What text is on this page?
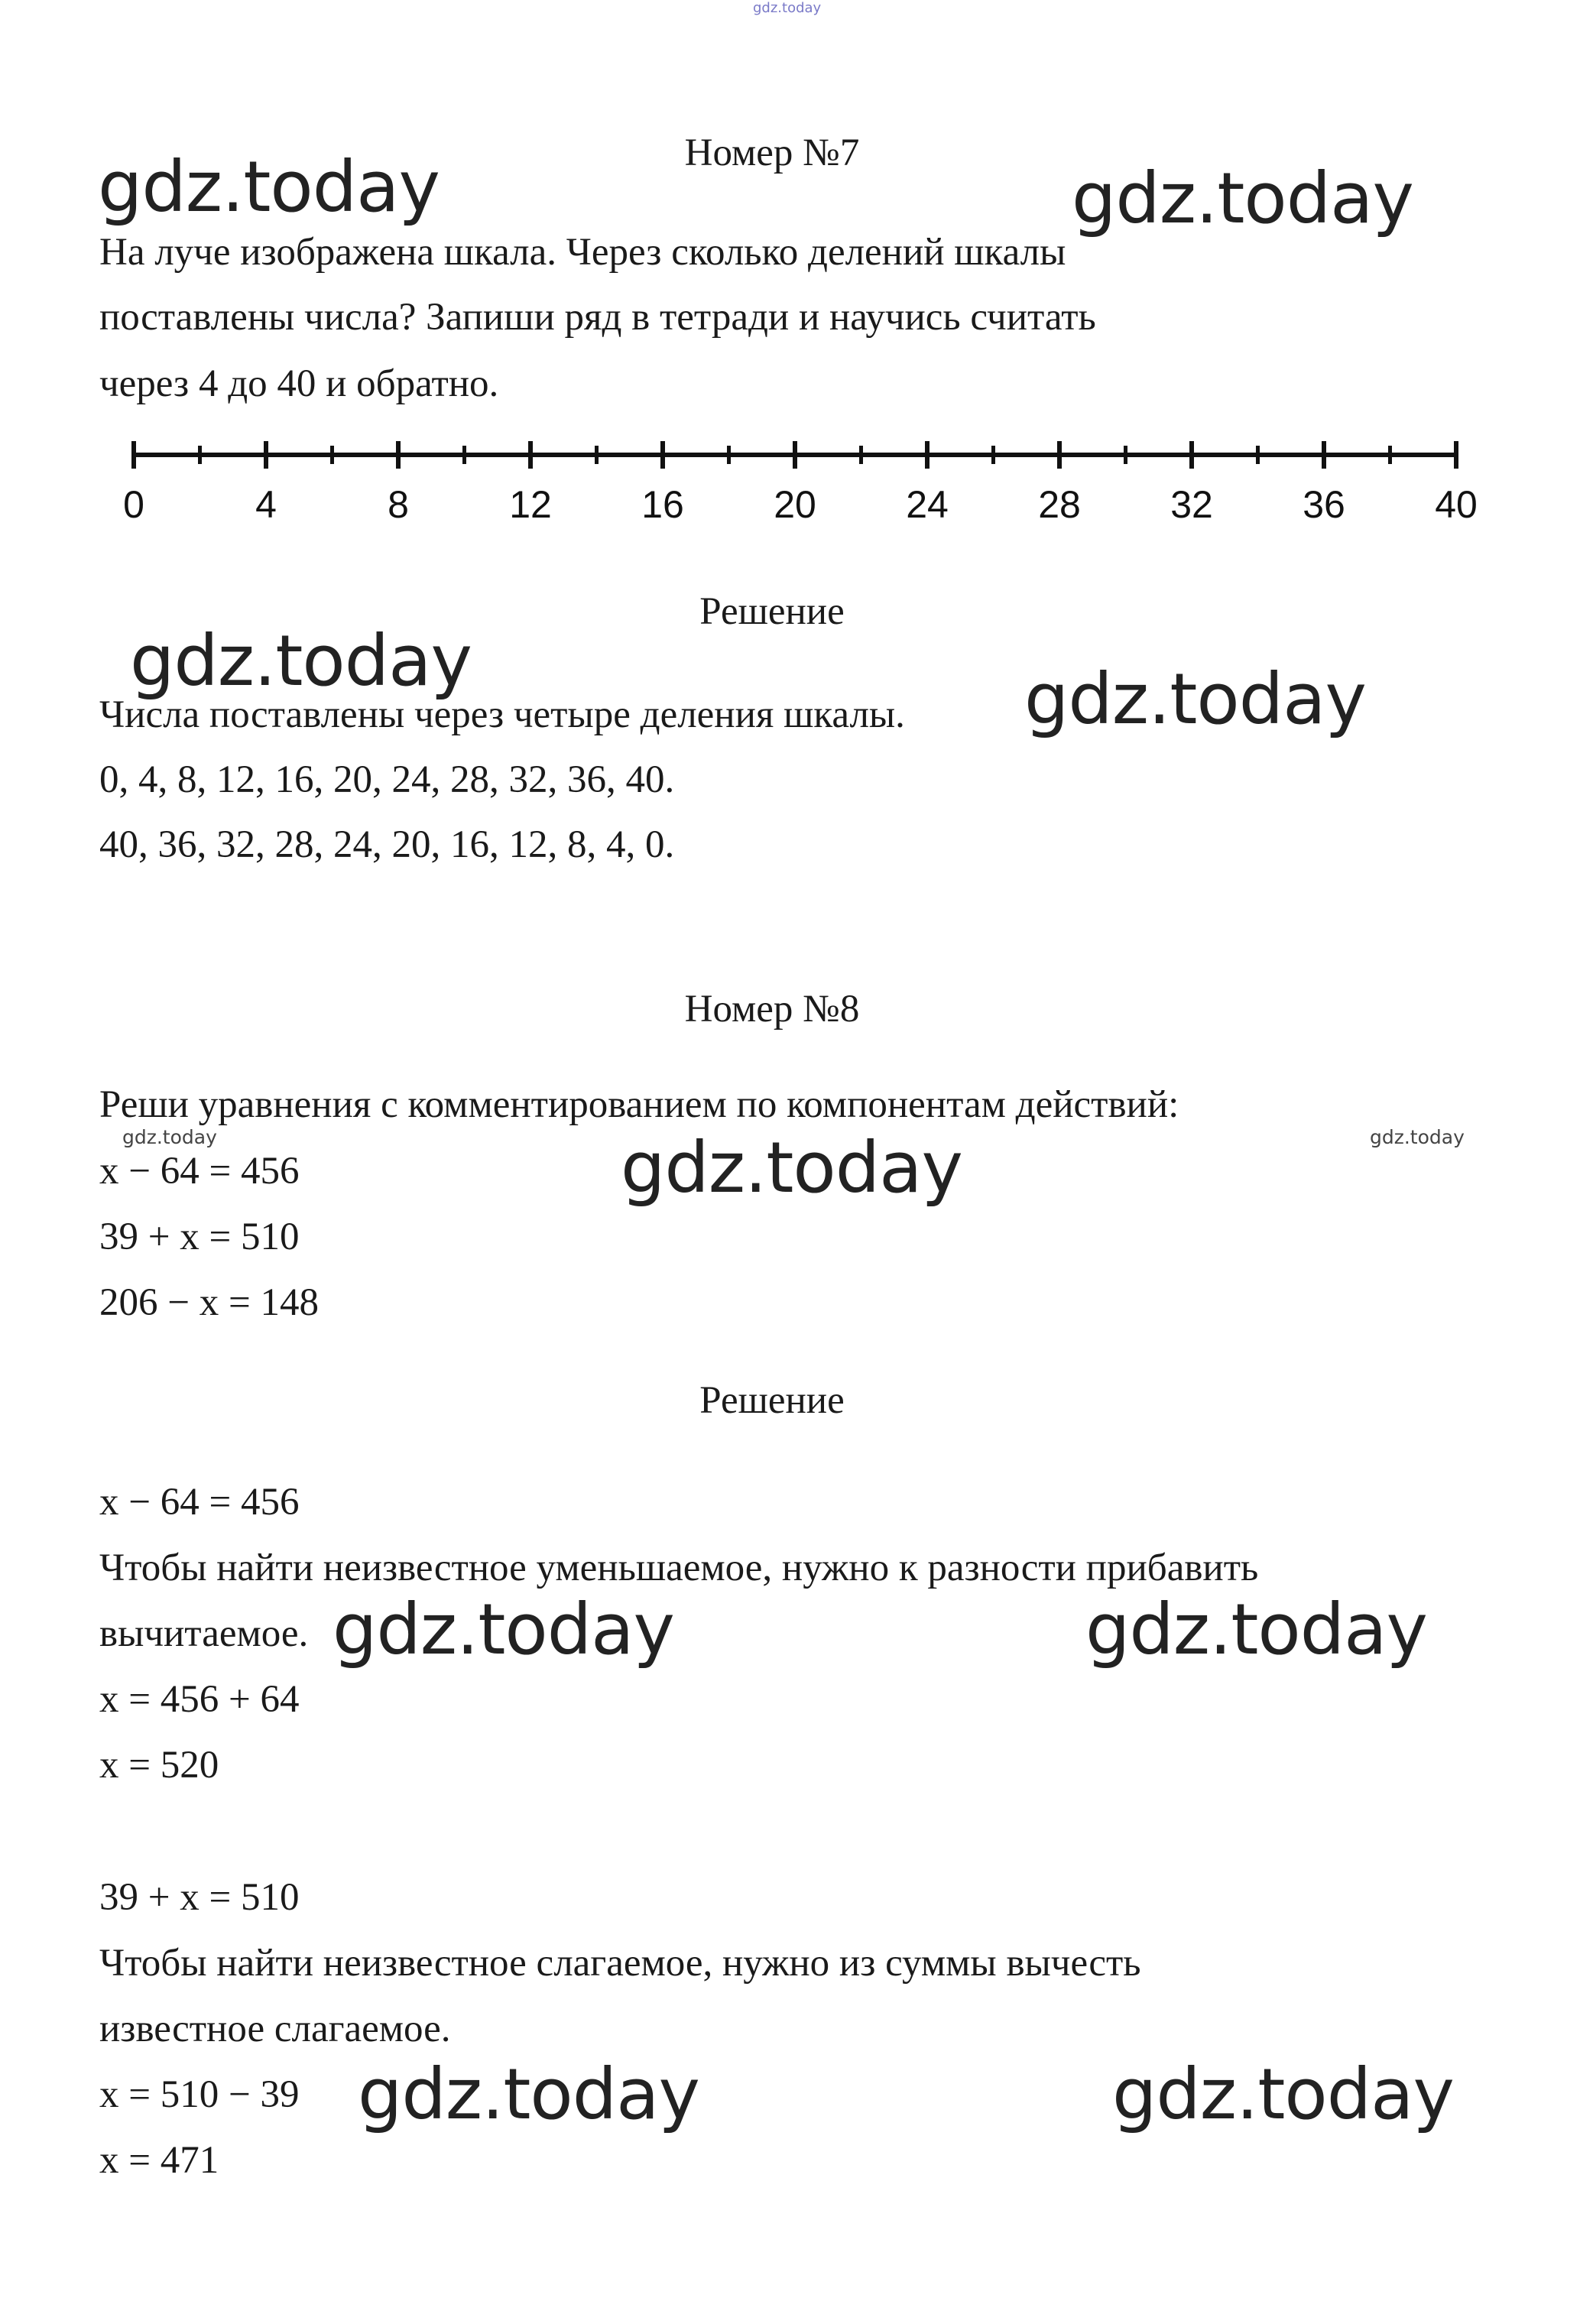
gdz.today
Номер №7
На луче изображена шкала. Через сколько делений шкалы
поставлены числа? Запиши ряд в тетради и научись считать
через 4 до 40 и обратно.
0	4	8	12 16 20 24 28 32 36 40
Решение
Числа поставлены через четыре деления шкалы.
0, 4, 8, 12, 16, 20, 24, 28, 32, 36, 40.
40, 36, 32, 28, 24, 20, 16, 12, 8, 4, 0.
Номер №8
Реши уравнения с комментированием по компонентам действий:
x − 64 = 456
39 + x = 510
206 − x = 148
Решение
x − 64 = 456
Чтобы найти неизвестное уменьшаемое, нужно к разности прибавить
вычитаемое.
x = 456 + 64
x = 520
39 + x = 510
Чтобы найти неизвестное слагаемое, нужно из суммы вычесть
известное слагаемое.
x = 510 − 39
x = 471
gdz.today	gdz.today
gdz.today	gdz.today
gdz.today	gdz.today
gdz.today
gdz.today	gdz.today
gdz.today	gdz.today
